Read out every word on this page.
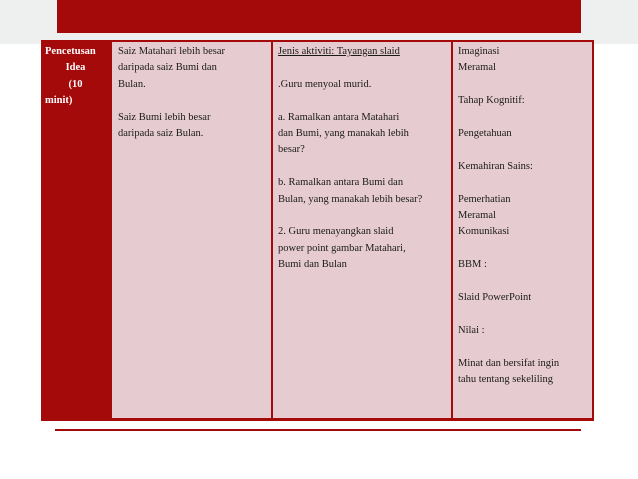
Pencetusan
Idea
(10
minit)
Saiz Matahari lebih besar
daripada saiz Bumi dan
Bulan.
Saiz Bumi lebih besar
daripada saiz Bulan.
Jenis aktiviti: Tayangan slaid
.Guru menyoal murid.
a. Ramalkan antara Matahari
dan Bumi, yang manakah lebih
besar?
b. Ramalkan antara Bumi dan
Bulan, yang manakah lebih besar?
2. Guru menayangkan slaid
power point gambar Matahari,
Bumi dan Bulan
Imaginasi
Meramal
Tahap Kognitif:
Pengetahuan
Kemahiran Sains:
Pemerhatian
Meramal
Komunikasi
BBM :
Slaid PowerPoint
Nilai :
Minat dan bersifat ingin
tahu tentang sekeliling
